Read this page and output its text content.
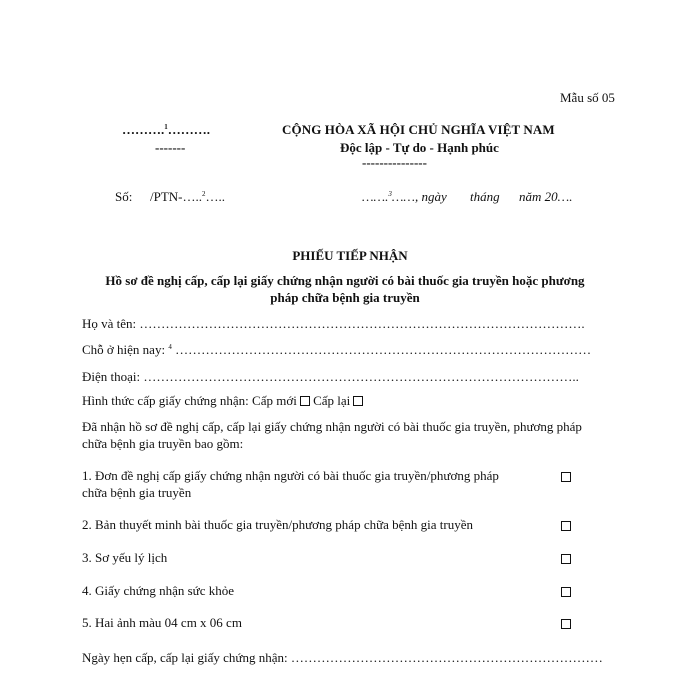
Mẫu số 05
……….$^1$……….
-------
CỘNG HÒA XÃ HỘI CHỦ NGHĨA VIỆT NAM
Độc lập - Tự do - Hạnh phúc
---------------
Số: /PTN-…..$^2$…..	…….$^3$……, ngày tháng năm 20….
PHIẾU TIẾP NHẬN
Hồ sơ đề nghị cấp, cấp lại giấy chứng nhận người có bài thuốc gia truyền hoặc phương
pháp chữa bệnh gia truyền
Họ và tên: ………………………………………………………………………………………….
Chỗ ở hiện nay: $^4$ ……………………………………………………………………………………
Điện thoại: ………………………………………………………………………………………..
Hình thức cấp giấy chứng nhận: Cấp mới Cấp lại
Đã nhận hồ sơ đề nghị cấp, cấp lại giấy chứng nhận người có bài thuốc gia truyền, phương pháp
chữa bệnh gia truyền bao gồm:
1. Đơn đề nghị cấp giấy chứng nhận người có bài thuốc gia truyền/phương pháp
chữa bệnh gia truyền
2. Bản thuyết minh bài thuốc gia truyền/phương pháp chữa bệnh gia truyền
3. Sơ yếu lý lịch
4. Giấy chứng nhận sức khỏe
5. Hai ảnh màu 04 cm x 06 cm
Ngày hẹn cấp, cấp lại giấy chứng nhận: ………………………………………………………………
